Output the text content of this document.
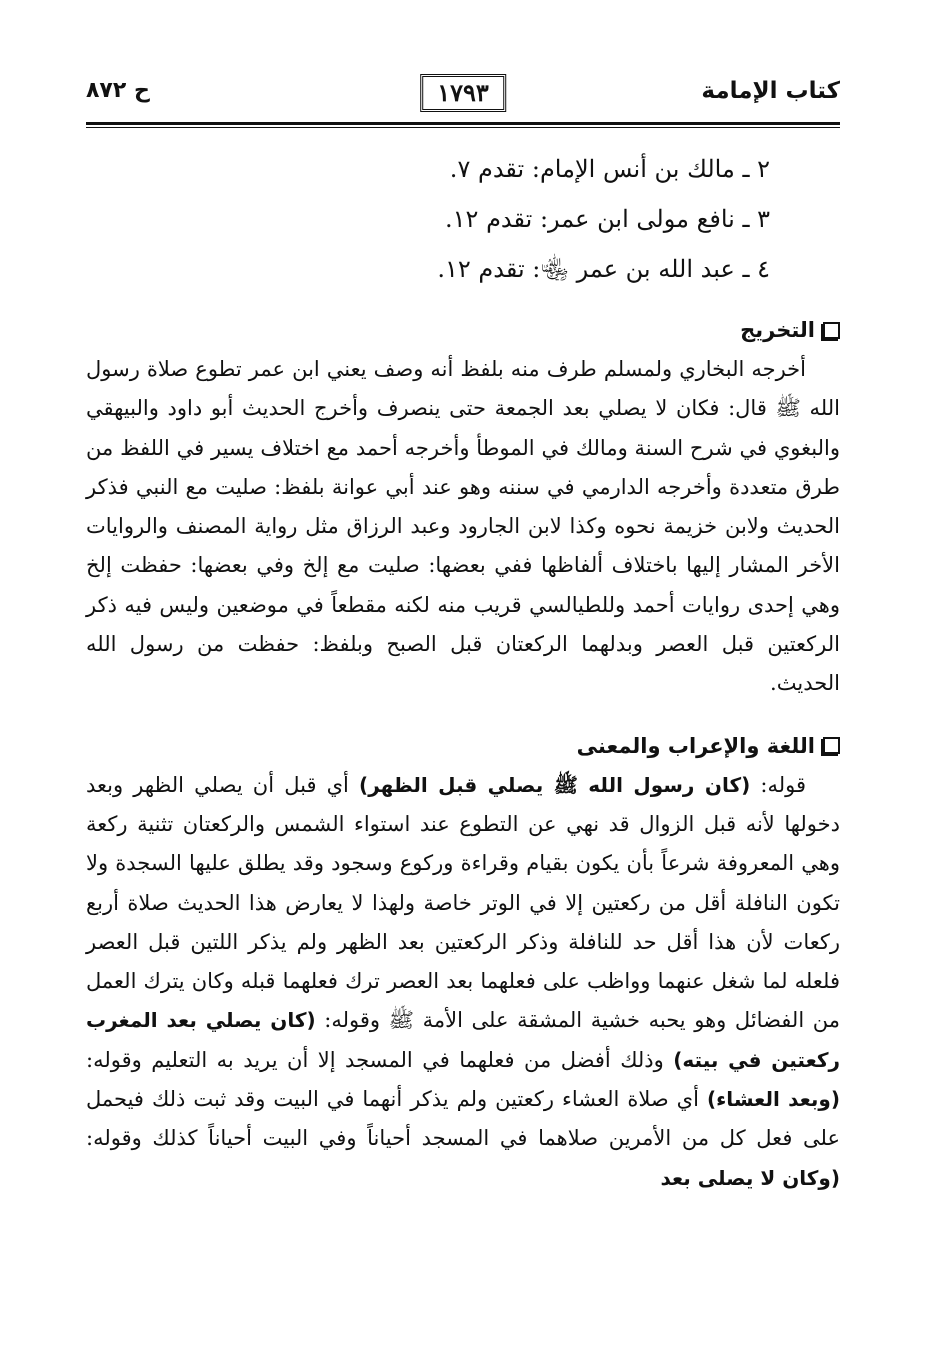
كتاب الإمامة
١٧٩٣
ح ٨٧٢
٢ ـ مالك بن أنس الإمام: تقدم ٧.
٣ ـ نافع مولى ابن عمر: تقدم ١٢.
٤ ـ عبد الله بن عمر ﵄: تقدم ١٢.
التخريج

أخرجه البخاري ولمسلم طرف منه بلفظ أنه وصف يعني ابن عمر تطوع صلاة رسول الله ﷺ قال: فكان لا يصلي بعد الجمعة حتى ينصرف وأخرج الحديث أبو داود والبيهقي والبغوي في شرح السنة ومالك في الموطأ وأخرجه أحمد مع اختلاف يسير في اللفظ من طرق متعددة وأخرجه الدارمي في سننه وهو عند أبي عوانة بلفظ: صليت مع النبي فذكر الحديث ولابن خزيمة نحوه وكذا لابن الجارود وعبد الرزاق مثل رواية المصنف والروايات الأخر المشار إليها باختلاف ألفاظها ففي بعضها: صليت مع إلخ وفي بعضها: حفظت إلخ وهي إحدى روايات أحمد وللطيالسي قريب منه لكنه مقطعاً في موضعين وليس فيه ذكر الركعتين قبل العصر وبدلهما الركعتان قبل الصبح وبلفظ: حفظت من رسول الله الحديث.

اللغة والإعراب والمعنى

قوله: (كان رسول الله ﷺ يصلي قبل الظهر) أي قبل أن يصلي الظهر وبعد دخولها لأنه قبل الزوال قد نهي عن التطوع عند استواء الشمس والركعتان تثنية ركعة وهي المعروفة شرعاً بأن يكون بقيام وقراءة وركوع وسجود وقد يطلق عليها السجدة ولا تكون النافلة أقل من ركعتين إلا في الوتر خاصة ولهذا لا يعارض هذا الحديث صلاة أربع ركعات لأن هذا أقل حد للنافلة وذكر الركعتين بعد الظهر ولم يذكر اللتين قبل العصر فلعله لما شغل عنهما وواظب على فعلهما بعد العصر ترك فعلهما قبله وكان يترك العمل من الفضائل وهو يحبه خشية المشقة على الأمة ﷺ وقوله: (كان يصلي بعد المغرب ركعتين في بيته) وذلك أفضل من فعلهما في المسجد إلا أن يريد به التعليم وقوله: (وبعد العشاء) أي صلاة العشاء ركعتين ولم يذكر أنهما في البيت وقد ثبت ذلك فيحمل على فعل كل من الأمرين صلاهما في المسجد أحياناً وفي البيت أحياناً كذلك وقوله: (وكان لا يصلى بعد
